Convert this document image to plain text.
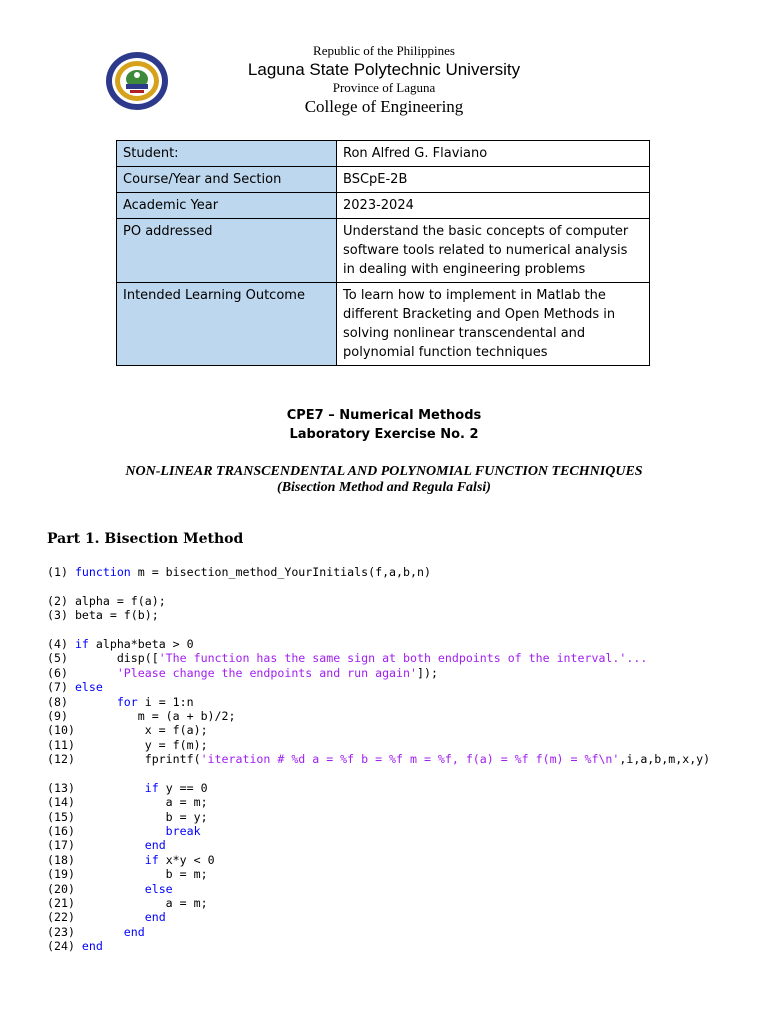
Republic of the Philippines
Laguna State Polytechnic University
Province of Laguna
College of Engineering
Student:	Ron Alfred G. Flaviano
Course/Year and Section	BSCpE-2B
Academic Year	2023-2024
PO addressed	Understand the basic concepts of computer software tools related to numerical analysis in dealing with engineering problems
Intended Learning Outcome	To learn how to implement in Matlab the different Bracketing and Open Methods in solving nonlinear transcendental and polynomial function techniques
CPE7 – Numerical Methods
Laboratory Exercise No. 2
NON-LINEAR TRANSCENDENTAL AND POLYNOMIAL FUNCTION TECHNIQUES
(Bisection Method and Regula Falsi)
Part 1. Bisection Method
(1) function m = bisection_method_YourInitials(f,a,b,n)
(2) alpha = f(a);
(3) beta = f(b);
(4) if alpha*beta > 0
(5)       disp(['The function has the same sign at both endpoints of the interval.'...
(6)	'Please change the endpoints and run again']);
(7) else
(8)	for i = 1:n
(9)          m = (a + b)/2;
(10)          x = f(a);
(11)          y = f(m);
(12)          fprintf('iteration # %d a = %f b = %f m = %f, f(a) = %f f(m) = %f\n',i,a,b,m,x,y)
(13)	if y == 0
(14)             a = m;
(15)             b = y;
(16)	break
(17)	end
(18)	if x*y < 0
(19)             b = m;
(20)	else
(21)             a = m;
(22)	end
(23)	end
(24) end
